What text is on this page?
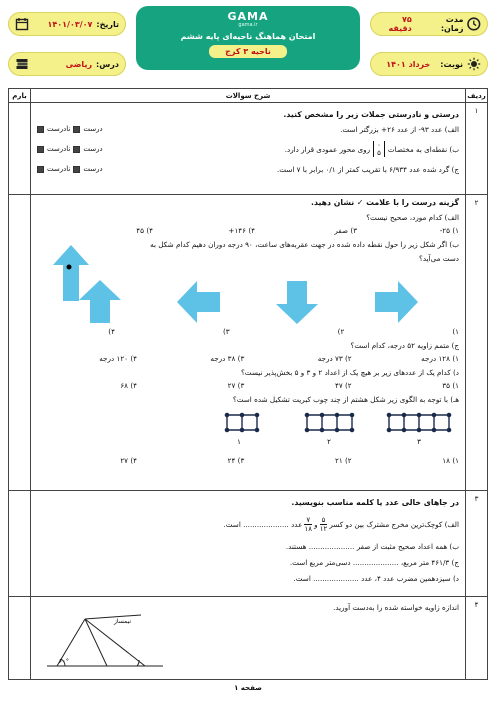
مدت زمان:
۷۵ دقیقه
تاریخ:
۱۴۰۱/۰۳/۰۷
نوبت:
خرداد ۱۴۰۱
درس:
ریاضی
GAMA
gama.ir
امتحان هماهنگ ناحیه‌ای پایه ششم
ناحیه ۳ کرج
ردیف
شرح سوالات
بارم
۱
درستی و نادرستی جملات زیر را مشخص کنید.
الف) عدد ۹۳- از عدد ۲۶+ بزرگتر است.
درست
نادرست
ب) نقطه‌ای به مختصات
۰
۵
روی محور عمودی قرار دارد.
درست
نادرست
ج) گرد شده عدد ۶/۹۳۴ با تقریب کمتر از ۰/۱ برابر با ۷ است.
درست
نادرست
۲
گزینه درست را با علامت ✓ نشان دهید.
الف) کدام مورد، صحیح نیست؟
۱) ۲۵-
۳) صفر
۴) ۱۴۶+
۴) ۴۵
ب) اگر شکل زیر را حول نقطه داده شده در جهت عقربه‌های ساعت، ۹۰ درجه دوران دهیم کدام شکل به
دست می‌آید؟
۱)
۲)
۳)
۴)
ج) متمم زاویه ۵۲ درجه، کدام است؟
۱) ۱۲۸ درجه
۲) ۷۳ درجه
۳) ۳۸ درجه
۴) ۱۲۰ درجه
د) کدام یک از عددهای زیر بر هیچ یک از اعداد ۲ و ۳ و ۵ بخش‌پذیر نیست؟
۱) ۳۵
۲) ۴۷
۳) ۲۷
۴) ۶۸
هـ) با توجه به الگوی زیر شکل هشتم از چند چوب کبریت تشکیل شده است؟
۱	۲	۳
۱) ۱۸
۲) ۲۱
۳) ۲۴
۴) ۲۷
۳
در جاهای خالی عدد یا کلمه مناسب بنویسید.
الف) کوچک‌ترین مخرج مشترک بین دو کسر
$\frac{۵}{۱۲}$
و
$\frac{۷}{۱۸}$
عدد .................... است.
ب) همه اعداد صحیح مثبت از صفر .................... هستند.
ج) ۴۶۱/۳ متر مربع، .................... دسی‌متر مربع است.
د) سیزدهمین مضرب عدد ۴، عدد .................... است.
۴
اندازه زاویه خواسته شده را به‌دست آورید.
۶۰°
نیمساز
صفحه ۱
